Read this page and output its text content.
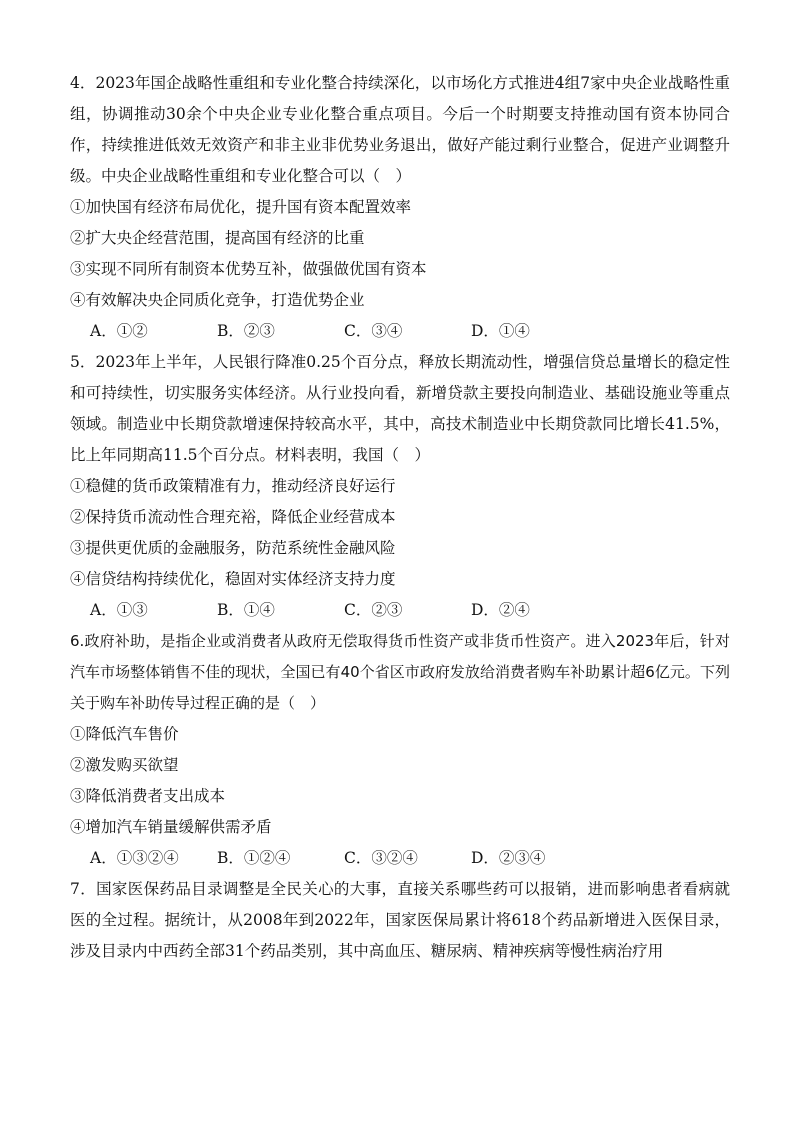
4．2023年国企战略性重组和专业化整合持续深化，以市场化方式推进4组7家中央企业战略性重组，协调推动30余个中央企业专业化整合重点项目。今后一个时期要支持推动国有资本协同合作，持续推进低效无效资产和非主业非优势业务退出，做好产能过剩行业整合，促进产业调整升级。中央企业战略性重组和专业化整合可以（　）

①加快国有经济布局优化，提升国有资本配置效率

②扩大央企经营范围，提高国有经济的比重

③实现不同所有制资本优势互补，做强做优国有资本

④有效解决央企同质化竞争，打造优势企业

A．①②	B．②③	C．③④	D．①④

5．2023年上半年，人民银行降准0.25个百分点，释放长期流动性，增强信贷总量增长的稳定性和可持续性，切实服务实体经济。从行业投向看，新增贷款主要投向制造业、基础设施业等重点领域。制造业中长期贷款增速保持较高水平，其中，高技术制造业中长期贷款同比增长41.5%，比上年同期高11.5个百分点。材料表明，我国（　）

①稳健的货币政策精准有力，推动经济良好运行

②保持货币流动性合理充裕，降低企业经营成本

③提供更优质的金融服务，防范系统性金融风险

④信贷结构持续优化，稳固对实体经济支持力度

A．①③	B．①④	C．②③	D．②④

6.政府补助，是指企业或消费者从政府无偿取得货币性资产或非货币性资产。进入2023年后，针对汽车市场整体销售不佳的现状，全国已有40个省区市政府发放给消费者购车补助累计超6亿元。下列关于购车补助传导过程正确的是（　）

①降低汽车售价

②激发购买欲望

③降低消费者支出成本

④增加汽车销量缓解供需矛盾

A．①③②④	B．①②④	C．③②④	D．②③④

7．国家医保药品目录调整是全民关心的大事，直接关系哪些药可以报销，进而影响患者看病就医的全过程。据统计，从2008年到2022年，国家医保局累计将618个药品新增进入医保目录，涉及目录内中西药全部31个药品类别，其中高血压、糖尿病、精神疾病等慢性病治疗用
